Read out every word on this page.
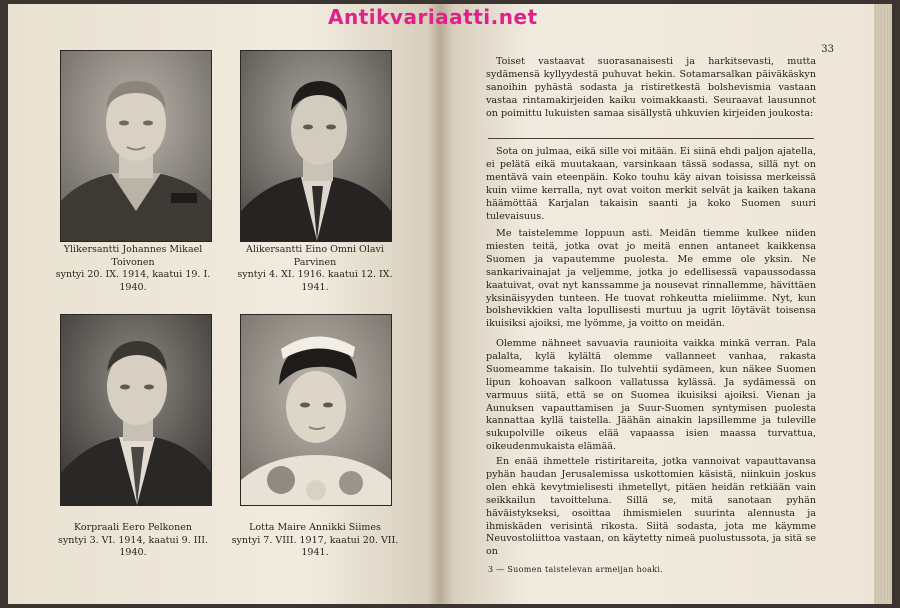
Ylikersantti Johannes Mikael
Toivonen
syntyi 20. IX. 1914, kaatui 19. I.
1940.
Alikersantti Eino Omni Olavi
Parvinen
syntyi 4. XI. 1916. kaatui 12. IX.
1941.
Korpraali Eero Pelkonen
syntyi 3. VI. 1914, kaatui 9. III.
1940.
Lotta Maire Annikki Siimes
syntyi 7. VIII. 1917, kaatui 20. VII.
1941.
33

Toiset vastaavat suorasanaisesti ja harkitsevasti, mutta sydämensä kyllyydestä puhuvat hekin. Sotamarsalkan päiväkäskyn sanoihin pyhästä sodasta ja ristiretkestä bolshevismia vastaan vastaa rintamakirjeiden kaiku voimakkaasti. Seuraavat lausunnot on poimittu lukuisten samaa sisällystä uhkuvien kirjeiden joukosta:

Sota on julmaa, eikä sille voi mitään. Ei siinä ehdi paljon ajatella, ei pelätä eikä muutakaan, varsinkaan tässä sodassa, sillä nyt on mentävä vain eteenpäin. Koko touhu käy aivan toisissa merkeissä kuin viime kerralla, nyt ovat voiton merkit selvät ja kaiken takana häämöttää Karjalan takaisin saanti ja koko Suomen suuri tulevaisuus.

Me taistelemme loppuun asti. Meidän tiemme kulkee niiden miesten teitä, jotka ovat jo meitä ennen antaneet kaikkensa Suomen ja vapautemme puolesta. Me emme ole yksin. Ne sankarivainajat ja veljemme, jotka jo edellisessä vapaussodassa kaatuivat, ovat nyt kanssamme ja nousevat rinnallemme, hävittäen yksinäisyyden tunteen. He tuovat rohkeutta mieliimme. Nyt, kun bolshevikkien valta lopullisesti murtuu ja ugrit löytävät toisensa ikuisiksi ajoiksi, me lyömme, ja voitto on meidän.

Olemme nähneet savuavia raunioita vaikka minkä verran. Pala palalta, kylä kylältä olemme vallanneet vanhaa, rakasta Suomeamme takaisin. Ilo tulvehtii sydämeen, kun näkee Suomen lipun kohoavan salkoon vallatussa kylässä. Ja sydämessä on varmuus siitä, että se on Suomea ikuisiksi ajoiksi. Vienan ja Aunuksen vapauttamisen ja Suur-Suomen syntymisen puolesta kannattaa kyllä taistella. Jäähän ainakin lapsillemme ja tuleville sukupolville oikeus elää vapaassa isien maassa turvattua, oikeudenmukaista elämää.

En enää ihmettele ristiritareita, jotka vannoivat vapauttavansa pyhän haudan Jerusalemissa uskottomien käsistä, niinkuin joskus olen ehkä kevytmielisesti ihmetellyt, pitäen heidän retkiään vain seikkailun tavoitteluna. Sillä se, mitä sanotaan pyhän häväistykseksi, osoittaa ihmismielen suurinta alennusta ja ihmiskäden verisintä rikosta. Siitä sodasta, jota me käymme Neuvostoliittoa vastaan, on käytetty nimeä puolustussota, ja sitä se on

3 — Suomen taistelevan armeijan hoaki.
Antikvariaatti.net
